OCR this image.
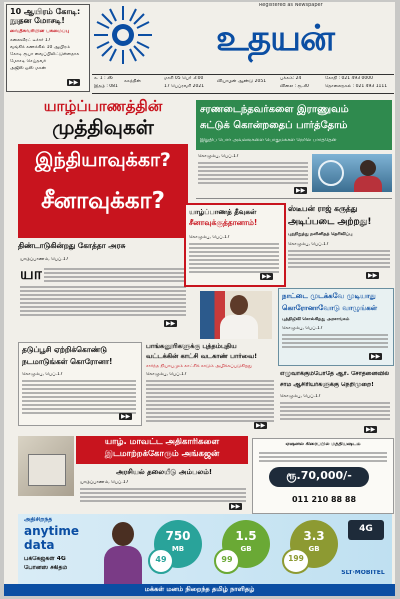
10 ஆயிரம் கோடி: நூதன மோசடி!
வைதீசுவரியின் பசுமைப்பு
கலைவீரட் டீச்சர் 17
வங்கிக் கணக்கில் 10 ஆயிரம்
கோடி ரூபா வைப்பிலிட்டுள்ளதாக
மோசடி செய்தவர்
அஜீஸ் ஓஸ் மகன்
▶▶
Registered as Newspaper
உதயன்
சு. 1 : 36
இதழ் : 081
சுகத்தின்
மாசி 05 பொ் 3:00
17 பெப்ரவரி 2021
வியாழன் ஆண்டு 2051
பக்கம்: 24
விலை : ரூ.30
கோதி : 021 493 0000
தொலைநகல் : 021 493 1111
யாழ்ப்பாணத்தின்
முத்திவுகள்
இந்தியாவுக்கா?
சீனாவுக்கா?
திண்டாடுகின்றது கோத்தா அரசு
யாழ்ப்பாணம், பெப்.17
யா
▶▶
சரணடைந்தவர்களை இராணுவம்
சுட்டுக் கொன்றதைப் பார்த்தோம்
இறுதிப் போர் அவலங்களை பொதுமக்கள் நேரில் பார்த்தேன்
கொழும்பு, பெப்.17
▶▶
யாழ்ப்பாணத் தீவுகள்
சீனாவுக்குத்தானாம்!
கொழும்பு, பெப்.17
▶▶
ஸ்டீபன் ராஜ் கருத்து
அடிப்படை அற்றது!
புறநிறுத்து நளினிதத் தெரிவிப்பு
கொழும்பு, பெப்.17
▶▶
நாட்டை முடக்கவே முடியாது
கொரோனாவோடு வாழுங்கள்
புத்திஜீவி சொல்கிறது அரசாங்கம்
கொழும்பு, பெப்.17
▶▶
தடுப்பூசி ஏற்றிக்கொண்டு
நடமாடுங்கள் கொரோனா!
கொழும்பு, பெப்.17
▶▶
பாங்கனூரிகளுக்கு புத்தம்புதிய
வட்டக்கின் காட்சி வடகாண் பார்வை!
சார்ந்த நியாயமும் காட்சிக் காடும் அழிக்கப்படுகிறது
கொழும்பு, பெப்.17
▶▶
எழுவாக்கும்போதே ஆர். சோதனைவில்
சாம ஆசிரியர்களுக்கு நெறிமுறை!
கொழும்பு, பெப்.17
▶▶
யாழ். மாவட்ட அதிகாரிகளை
இடமாற்றக்கோரும் அங்கஜன்
அரசியல் தலையீடு அம்பலம்!
யாழ்ப்பாணம், பெப்.17
▶▶
ஏஷ்னல் கிரைப்பில் மத்தியஷ்டம்
ரூ.70,000/-
011 210 88 88
அதிசிறந்த
anytime
data
பக்கேஜ்கள் 4G
போனஸ் சகிதம்
750
MB
49
1.5
GB
99
3.3
GB
199
4G
SLT·MOBITEL
மக்கள் மனம் நிறைந்த தமிழ் நாளிதழ்
